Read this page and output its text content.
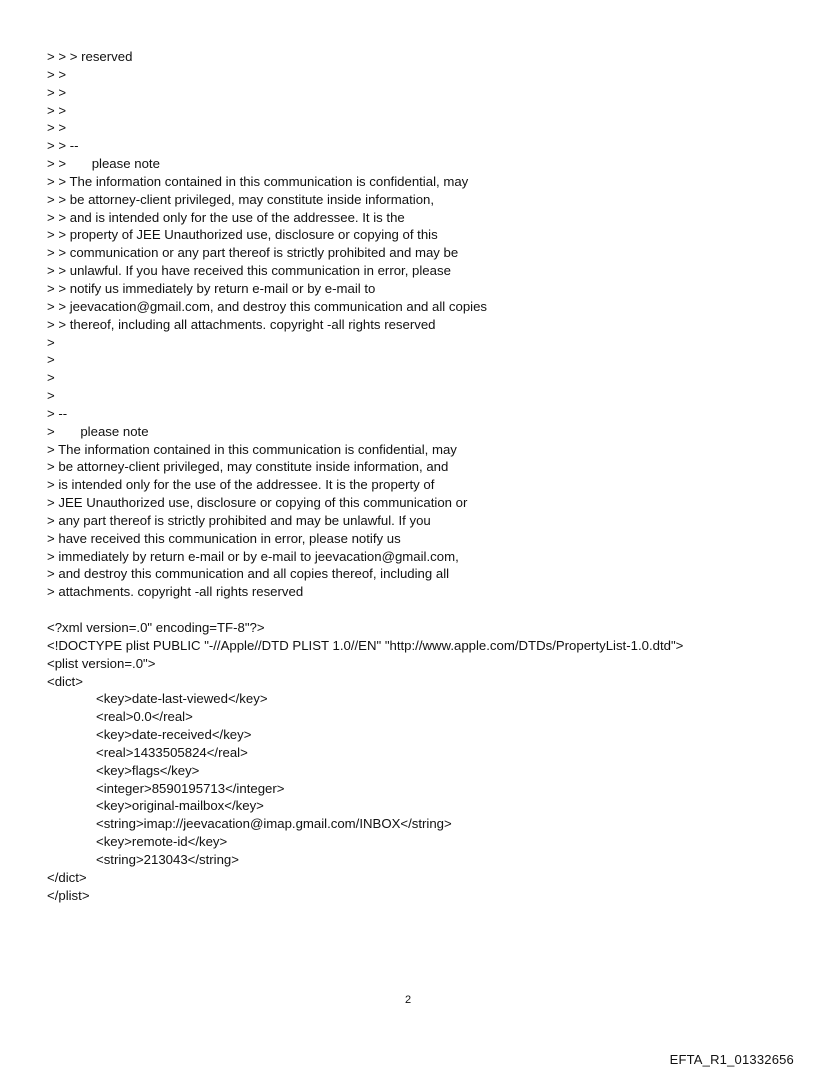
> > > reserved
> >
> >
> >
> >
> > --
> >       please note
> > The information contained in this communication is confidential, may
> > be attorney-client privileged, may constitute inside information,
> > and is intended only for the use of the addressee. It is the
> > property of JEE Unauthorized use, disclosure or copying of this
> > communication or any part thereof is strictly prohibited and may be
> > unlawful. If you have received this communication in error, please
> > notify us immediately by return e-mail or by e-mail to
> > jeevacation@gmail.com, and destroy this communication and all copies
> > thereof, including all attachments. copyright -all rights reserved
>
>
>
>
> --
>       please note
> The information contained in this communication is confidential, may
> be attorney-client privileged, may constitute inside information, and
> is intended only for the use of the addressee. It is the property of
> JEE Unauthorized use, disclosure or copying of this communication or
> any part thereof is strictly prohibited and may be unlawful. If you
> have received this communication in error, please notify us
> immediately by return e-mail or by e-mail to jeevacation@gmail.com,
> and destroy this communication and all copies thereof, including all
> attachments. copyright -all rights reserved
<?xml version=.0" encoding=TF-8"?>
<!DOCTYPE plist PUBLIC "-//Apple//DTD PLIST 1.0//EN" "http://www.apple.com/DTDs/PropertyList-1.0.dtd">
<plist version=.0">
<dict>
<key>date-last-viewed</key>
<real>0.0</real>
<key>date-received</key>
<real>1433505824</real>
<key>flags</key>
<integer>8590195713</integer>
<key>original-mailbox</key>
<string>imap://jeevacation@imap.gmail.com/INBOX</string>
<key>remote-id</key>
<string>213043</string>
</dict>
</plist>
2
EFTA_R1_01332656
